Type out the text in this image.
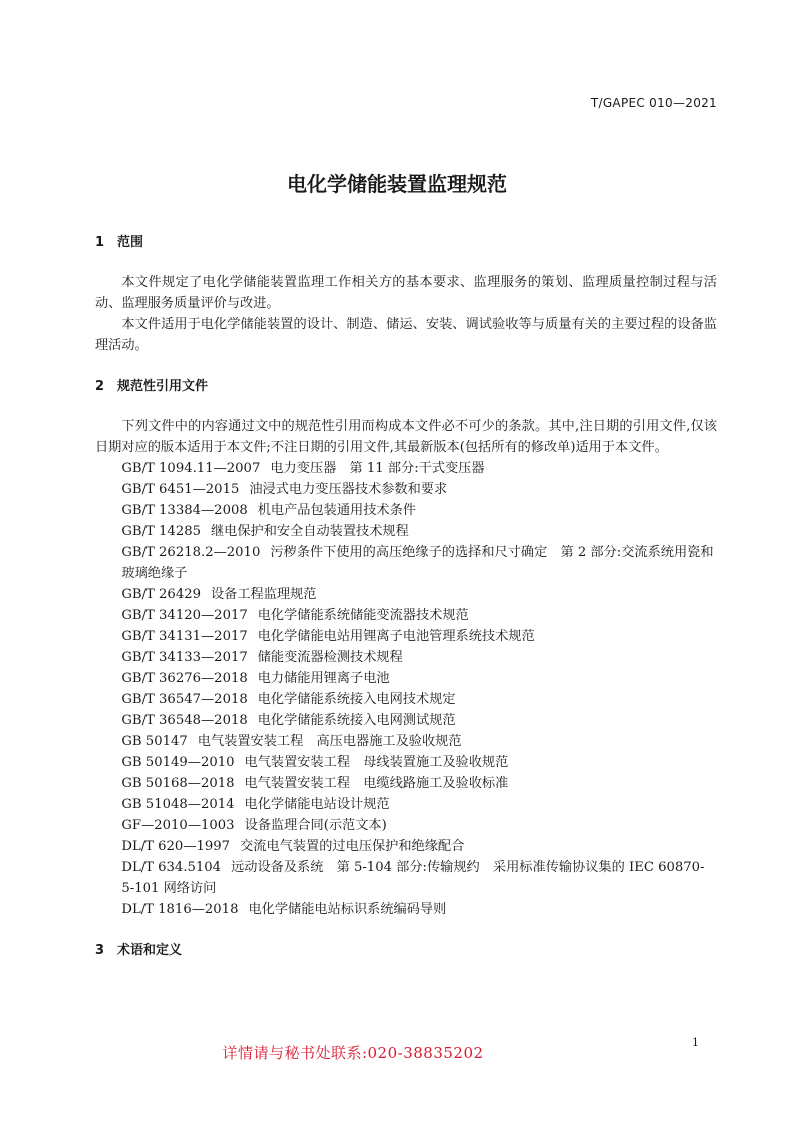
T/GAPEC 010—2021
电化学储能装置监理规范
1 范围

本文件规定了电化学储能装置监理工作相关方的基本要求、监理服务的策划、监理质量控制过程与活动、监理服务质量评价与改进。

本文件适用于电化学储能装置的设计、制造、储运、安装、调试验收等与质量有关的主要过程的设备监理活动。

2 规范性引用文件

下列文件中的内容通过文中的规范性引用而构成本文件必不可少的条款。其中,注日期的引用文件,仅该日期对应的版本适用于本文件;不注日期的引用文件,其最新版本(包括所有的修改单)适用于本文件。

GB/T 1094.11—2007 电力变压器　第 11 部分:干式变压器
GB/T 6451—2015 油浸式电力变压器技术参数和要求
GB/T 13384—2008 机电产品包装通用技术条件
GB/T 14285 继电保护和安全自动装置技术规程
GB/T 26218.2—2010 污秽条件下使用的高压绝缘子的选择和尺寸确定　第 2 部分:交流系统用瓷和玻璃绝缘子
GB/T 26429 设备工程监理规范
GB/T 34120—2017 电化学储能系统储能变流器技术规范
GB/T 34131—2017 电化学储能电站用锂离子电池管理系统技术规范
GB/T 34133—2017 储能变流器检测技术规程
GB/T 36276—2018 电力储能用锂离子电池
GB/T 36547—2018 电化学储能系统接入电网技术规定
GB/T 36548—2018 电化学储能系统接入电网测试规范
GB 50147 电气装置安装工程　高压电器施工及验收规范
GB 50149—2010 电气装置安装工程　母线装置施工及验收规范
GB 50168—2018 电气装置安装工程　电缆线路施工及验收标准
GB 51048—2014 电化学储能电站设计规范
GF—2010—1003 设备监理合同(示范文本)
DL/T 620—1997 交流电气装置的过电压保护和绝缘配合
DL/T 634.5104 远动设备及系统　第 5-104 部分:传输规约　采用标准传输协议集的 IEC 60870-5-101 网络访问
DL/T 1816—2018 电化学储能电站标识系统编码导则
3 术语和定义
1
详情请与秘书处联系:020-38835202
